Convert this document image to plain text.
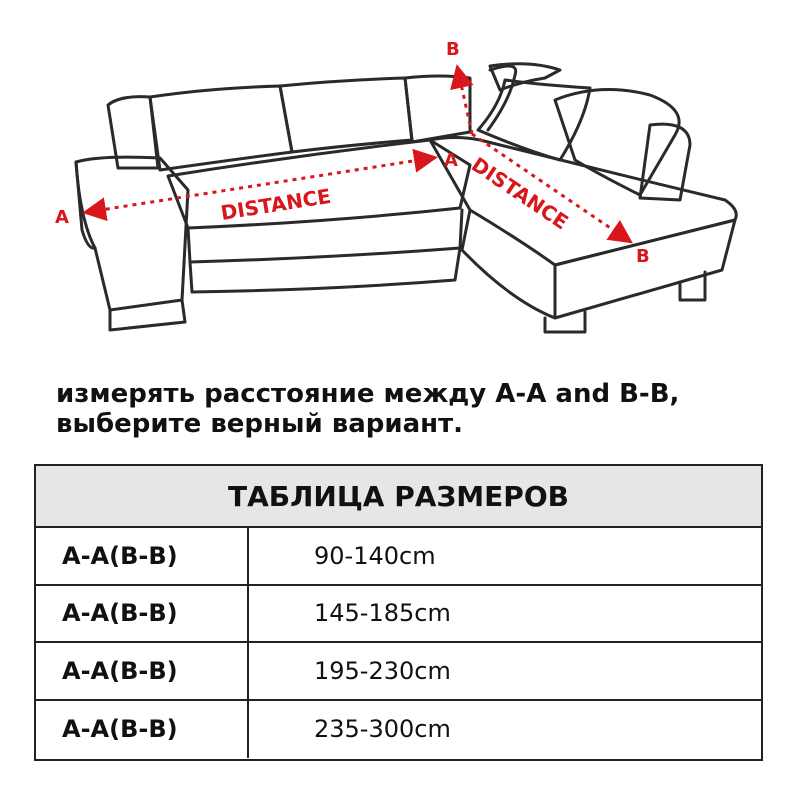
A
A
B
B
DISTANCE	DISTANCE
измерять расстояние между A-A and B-B,
выберите верный вариант.
ТАБЛИЦА РАЗМЕРОВ
A-A(B-B)	90-140cm
A-A(B-B)	145-185cm
A-A(B-B)	195-230cm
A-A(B-B)	235-300cm
